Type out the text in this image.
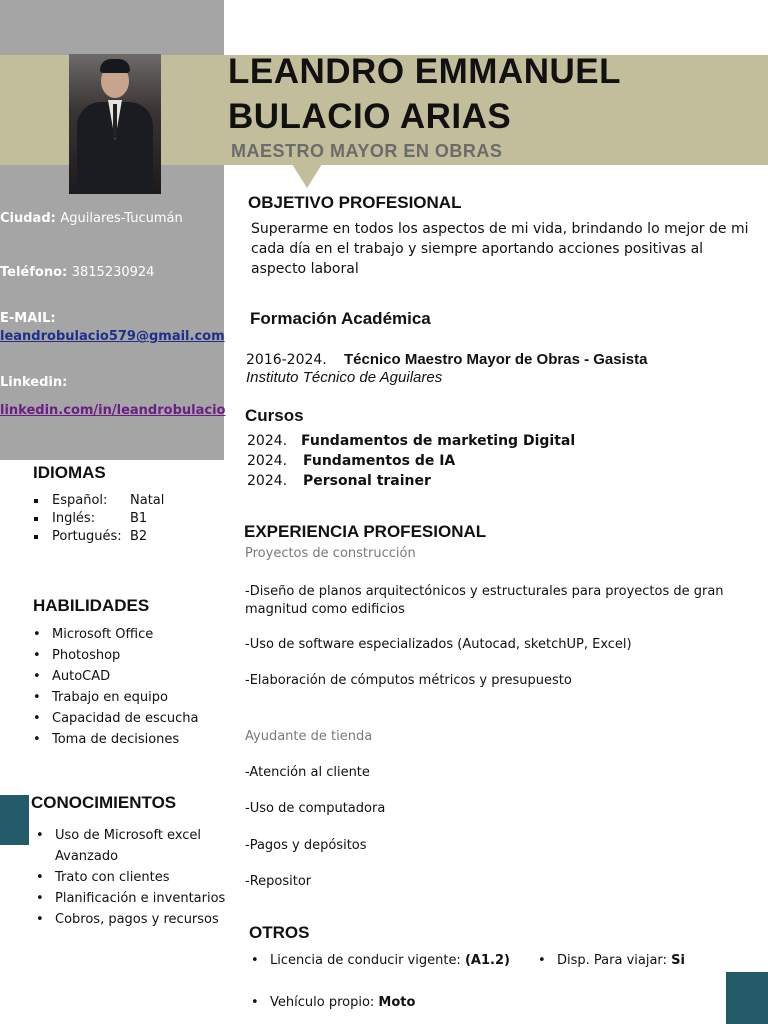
LEANDRO EMMANUEL
BULACIO ARIAS
MAESTRO MAYOR EN OBRAS
Ciudad: Aguilares-Tucumán
Teléfono: 3815230924
E-MAIL:
leandrobulacio579@gmail.com
Linkedin:
linkedin.com/in/leandrobulacio
IDIOMAS
Español: Natal
Inglés:	B1
Portugués: B2
HABILIDADES
• Microsoft Office
• Photoshop
• AutoCAD
• Trabajo en equipo
• Capacidad de escucha
• Toma de decisiones
CONOCIMIENTOS
• Uso de Microsoft excel Avanzado
• Trato con clientes
• Planificación e inventarios
• Cobros, pagos y recursos
OBJETIVO PROFESIONAL
Superarme en todos los aspectos de mi vida, brindando lo mejor de mi cada día en el trabajo y siempre aportando acciones positivas al aspecto laboral
Formación Académica
2016-2024. Técnico Maestro Mayor de Obras - Gasista
Instituto Técnico de Aguilares
Cursos
2024. Fundamentos de marketing Digital
2024. Fundamentos de IA
2024. Personal trainer
EXPERIENCIA PROFESIONAL
Proyectos de construcción
-Diseño de planos arquitectónicos y estructurales para proyectos de gran magnitud como edificios
-Uso de software especializados (Autocad, sketchUP, Excel)
-Elaboración de cómputos métricos y presupuesto
Ayudante de tienda
-Atención al cliente
-Uso de computadora
-Pagos y depósitos
-Repositor
OTROS
• Licencia de conducir vigente: (A1.2)
•	Disp. Para viajar: Si
• Vehículo propio: Moto
